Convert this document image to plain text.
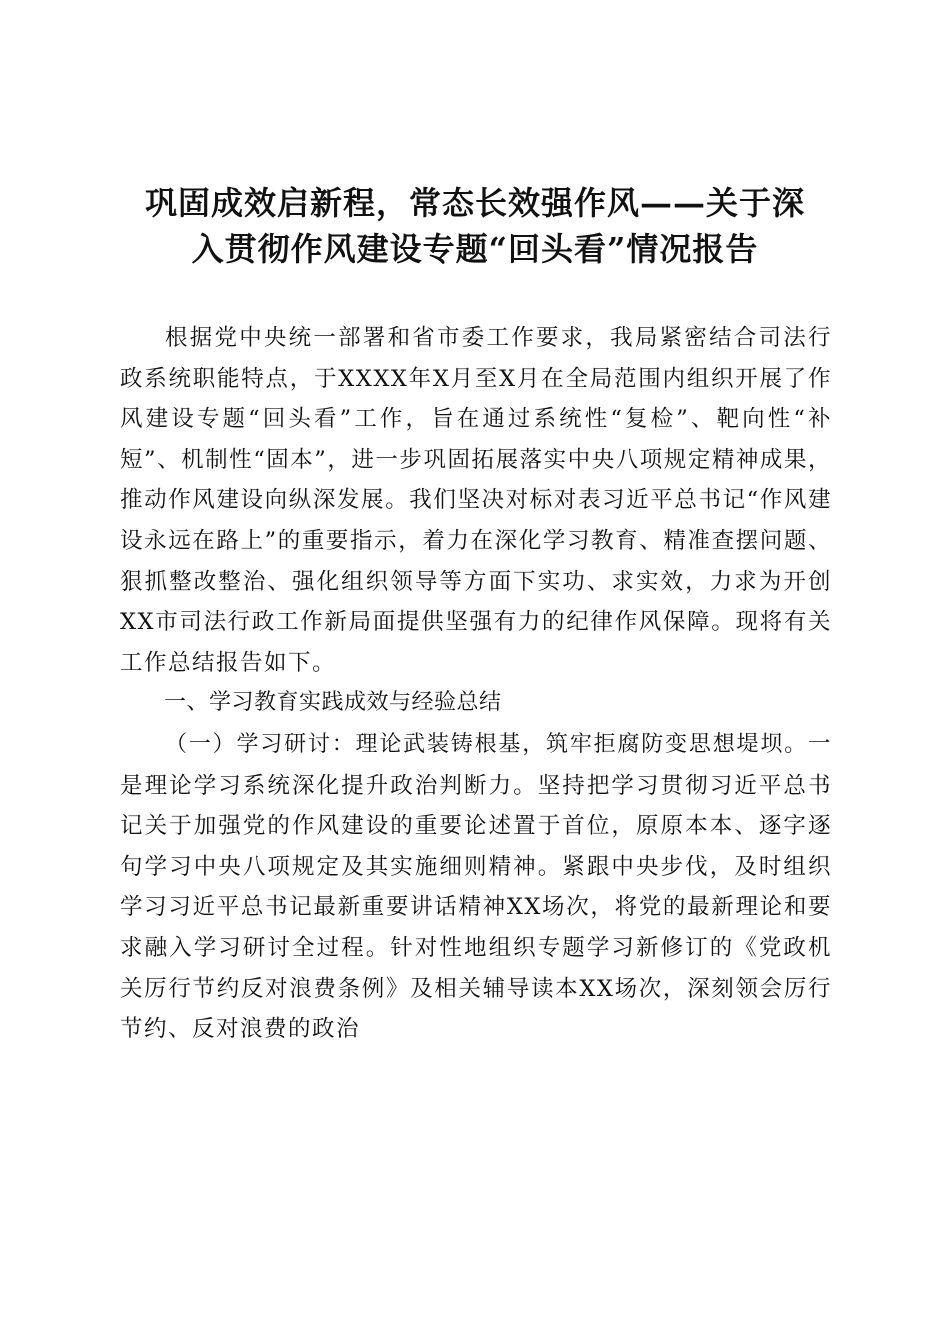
巩固成效启新程，常态长效强作风——关于深
入贯彻作风建设专题“回头看”情况报告

根据党中央统一部署和省市委工作要求，我局紧密结合司法行政系统职能特点，于XXXX年X月至X月在全局范围内组织开展了作风建设专题“回头看”工作，旨在通过系统性“复检”、靶向性“补短”、机制性“固本”，进一步巩固拓展落实中央八项规定精神成果，推动作风建设向纵深发展。我们坚决对标对表习近平总书记“作风建设永远在路上”的重要指示，着力在深化学习教育、精准查摆问题、狠抓整改整治、强化组织领导等方面下实功、求实效，力求为开创XX市司法行政工作新局面提供坚强有力的纪律作风保障。现将有关工作总结报告如下。

一、学习教育实践成效与经验总结

（一）学习研讨：理论武装铸根基，筑牢拒腐防变思想堤坝。一是理论学习系统深化提升政治判断力。坚持把学习贯彻习近平总书记关于加强党的作风建设的重要论述置于首位，原原本本、逐字逐句学习中央八项规定及其实施细则精神。紧跟中央步伐，及时组织学习习近平总书记最新重要讲话精神XX场次，将党的最新理论和要求融入学习研讨全过程。针对性地组织专题学习新修订的《党政机关厉行节约反对浪费条例》及相关辅导读本XX场次，深刻领会厉行节约、反对浪费的政治
